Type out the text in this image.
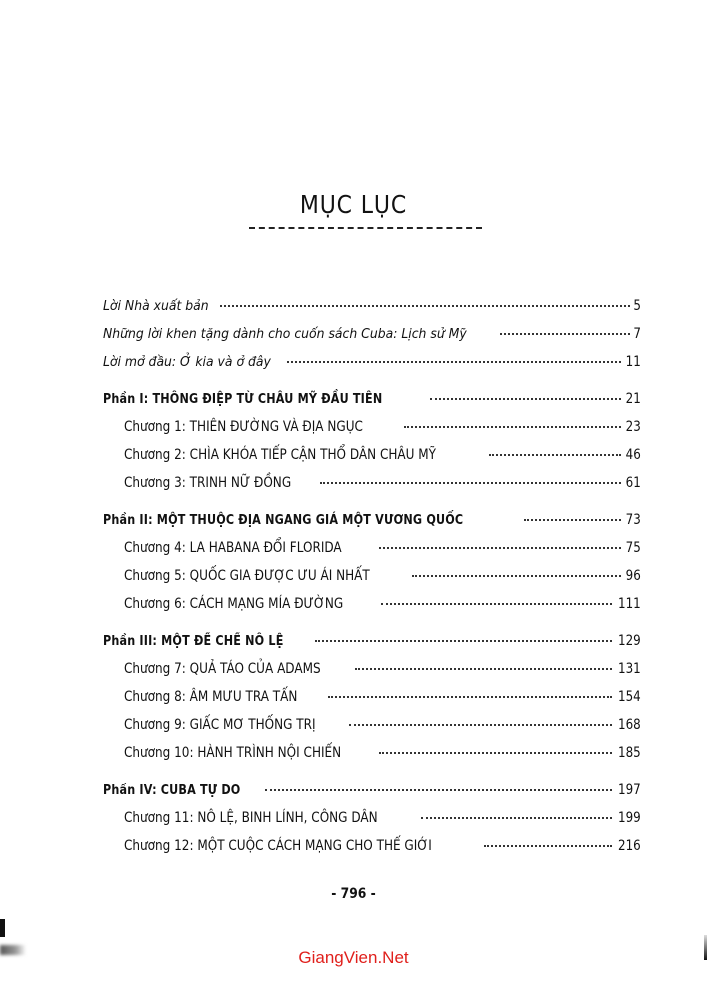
MỤC LỤC
Lời Nhà xuất bản	5
Những lời khen tặng dành cho cuốn sách Cuba: Lịch sử Mỹ	7
Lời mở đầu: Ở kia và ở đây	11
Phần I: THÔNG ĐIỆP TỪ CHÂU MỸ ĐẦU TIÊN	21
Chương 1: THIÊN ĐƯỜNG VÀ ĐỊA NGỤC	23
Chương 2: CHÌA KHÓA TIẾP CẬN THỔ DÂN CHÂU MỸ	46
Chương 3: TRINH NỮ ĐỒNG	61
Phần II: MỘT THUỘC ĐỊA NGANG GIÁ MỘT VƯƠNG QUỐC	73
Chương 4: LA HABANA ĐỔI FLORIDA	75
Chương 5: QUỐC GIA ĐƯỢC ƯU ÁI NHẤT	96
Chương 6: CÁCH MẠNG MÍA ĐƯỜNG	111
Phần III: MỘT ĐẾ CHẾ NÔ LỆ	129
Chương 7: QUẢ TÁO CỦA ADAMS	131
Chương 8: ÂM MƯU TRA TẤN	154
Chương 9: GIẤC MƠ THỐNG TRỊ	168
Chương 10: HÀNH TRÌNH NỘI CHIẾN	185
Phần IV: CUBA TỰ DO	197
Chương 11: NÔ LỆ, BINH LÍNH, CÔNG DÂN	199
Chương 12: MỘT CUỘC CÁCH MẠNG CHO THẾ GIỚI	216
- 796 -
GiangVien.Net
